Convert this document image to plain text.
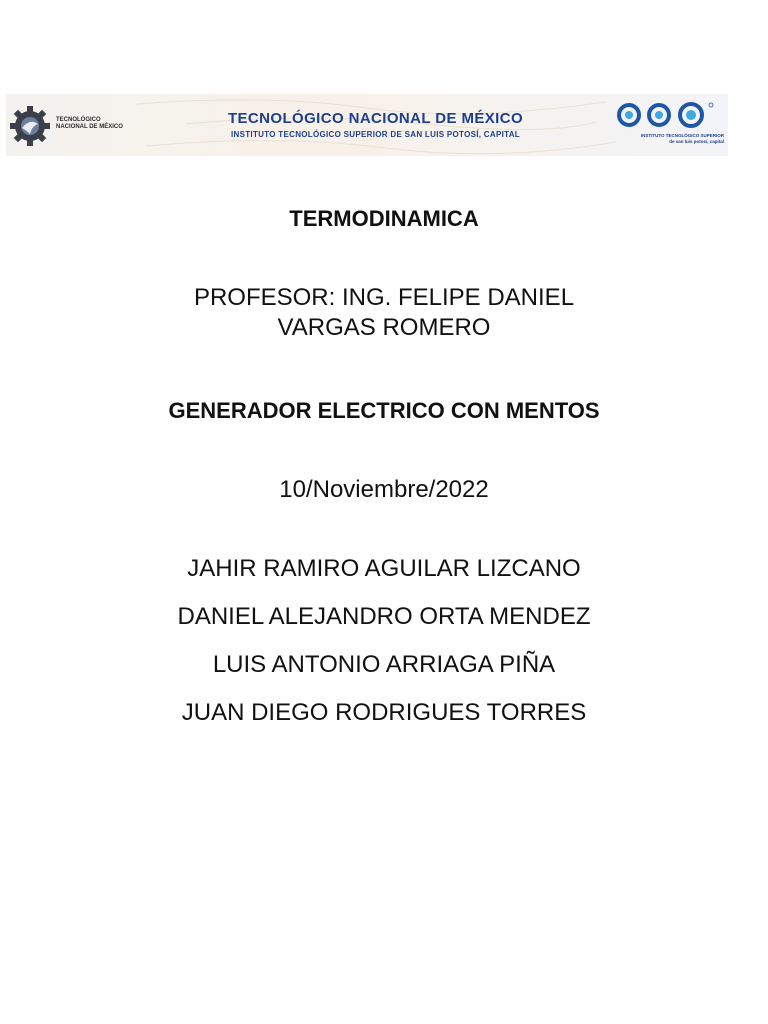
TECNOLÓGICO
NACIONAL DE MÉXICO	TECNOLÓGICO NACIONAL DE MÉXICO
INSTITUTO TECNOLÓGICO SUPERIOR DE SAN LUIS POTOSÍ, CAPITAL	INSTITUTO TECNOLÓGICO SUPERIOR
de san luis potosí, capital
TERMODINAMICA
PROFESOR: ING. FELIPE DANIEL
VARGAS ROMERO
GENERADOR ELECTRICO CON MENTOS
10/Noviembre/2022
JAHIR RAMIRO AGUILAR LIZCANO
DANIEL ALEJANDRO ORTA MENDEZ
LUIS ANTONIO ARRIAGA PIÑA
JUAN DIEGO RODRIGUES TORRES
